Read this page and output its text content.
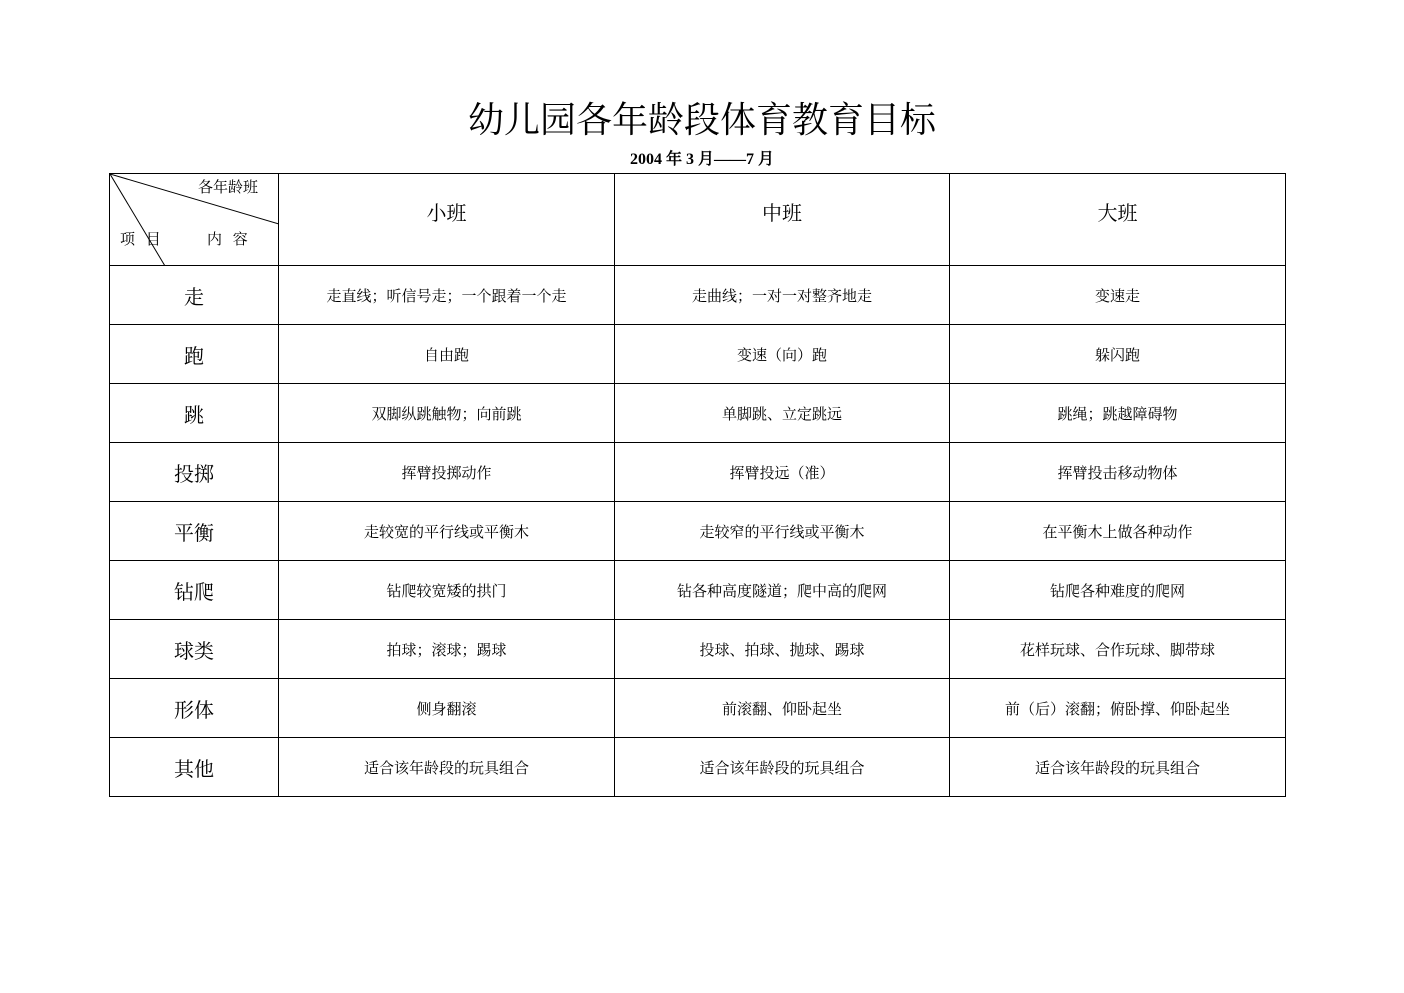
幼儿园各年龄段体育教育目标
2004 年 3 月——7 月
各年龄班
项 目 内 容	小班	中班	大班
走	走直线；听信号走；一个跟着一个走	走曲线；一对一对整齐地走	变速走
跑	自由跑	变速（向）跑	躲闪跑
跳	双脚纵跳触物；向前跳	单脚跳、立定跳远	跳绳；跳越障碍物
投掷	挥臂投掷动作	挥臂投远（准）	挥臂投击移动物体
平衡	走较宽的平行线或平衡木	走较窄的平行线或平衡木	在平衡木上做各种动作
钻爬	钻爬较宽矮的拱门	钻各种高度隧道；爬中高的爬网	钻爬各种难度的爬网
球类	拍球；滚球；踢球	投球、拍球、抛球、踢球	花样玩球、合作玩球、脚带球
形体	侧身翻滚	前滚翻、仰卧起坐	前（后）滚翻；俯卧撑、仰卧起坐
其他	适合该年龄段的玩具组合	适合该年龄段的玩具组合	适合该年龄段的玩具组合
